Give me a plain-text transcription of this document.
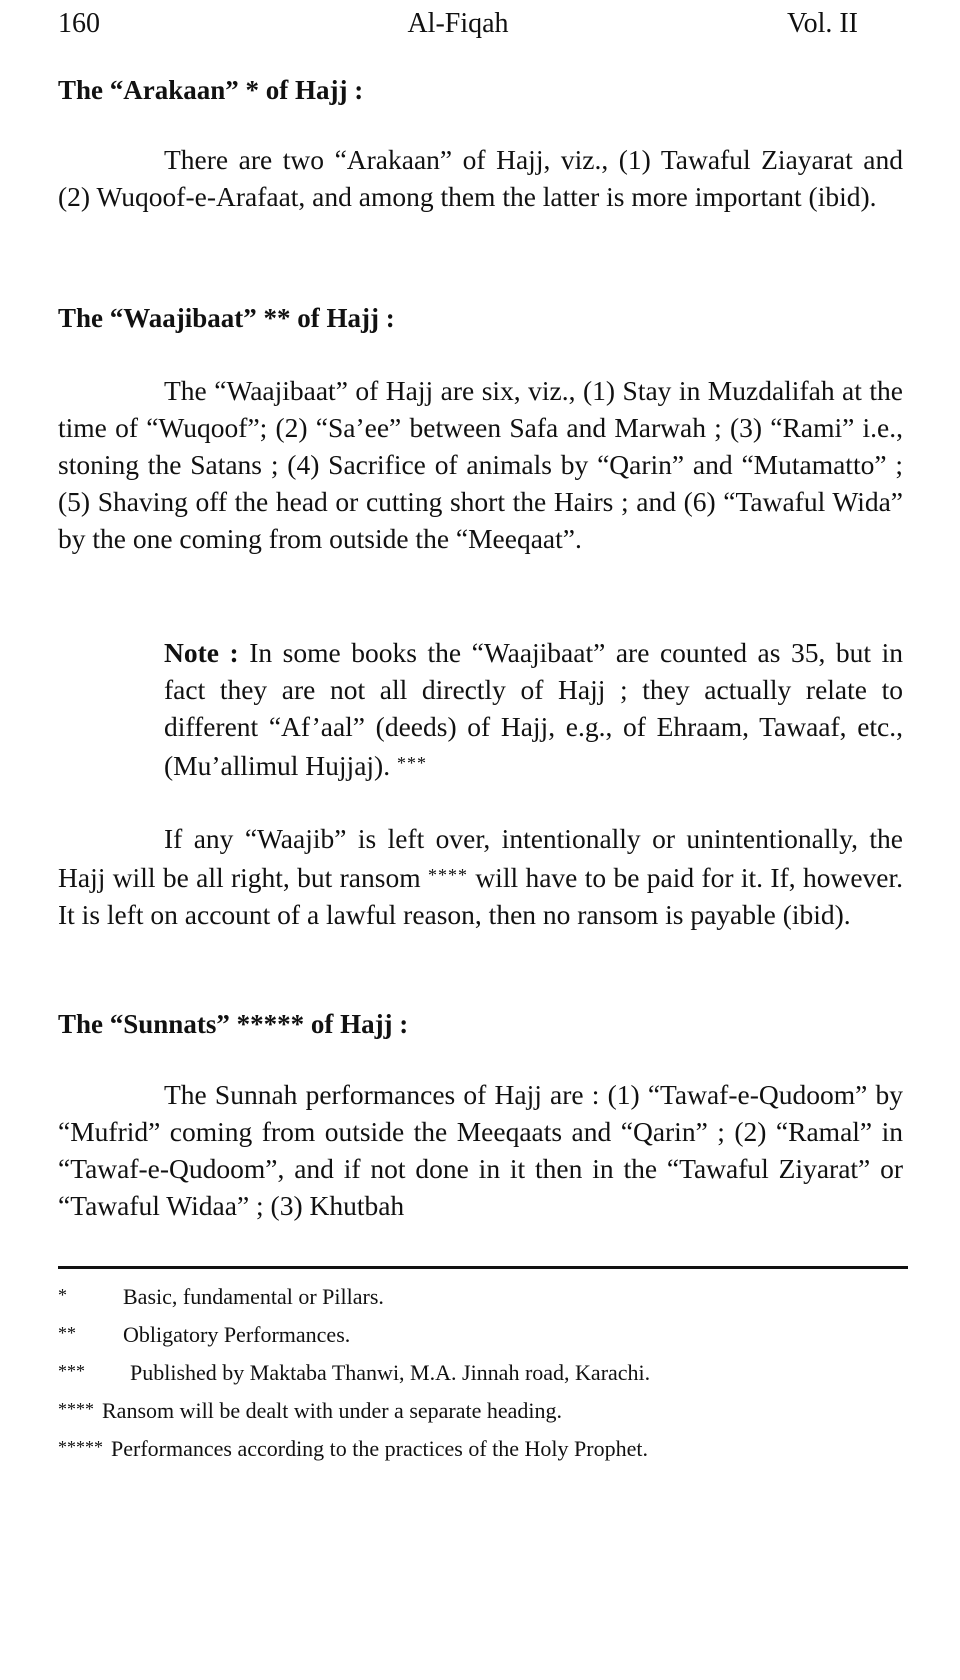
160	Al-Fiqah	Vol. II
The “Arakaan” * of Hajj :
There are two “Arakaan” of Hajj, viz., (1) Tawaful Ziayarat and (2) Wuqoof-e-Arafaat, and among them the latter is more important (ibid).
The “Waajibaat” ** of Hajj :
The “Waajibaat” of Hajj are six, viz., (1) Stay in Muzdalifah at the time of “Wuqoof”; (2) “Sa’ee” between Safa and Marwah ; (3) “Rami” i.e., stoning the Satans ; (4) Sacrifice of animals by “Qarin” and “Mutamatto” ; (5) Shaving off the head or cutting short the Hairs ; and (6) “Tawaful Wida” by the one coming from outside the “Meeqaat”.
Note : In some books the “Waajibaat” are counted as 35, but in fact they are not all directly of Hajj ; they actually relate to different “Af’aal” (deeds) of Hajj, e.g., of Ehraam, Tawaaf, etc., (Mu’allimul Hujjaj). ***
If any “Waajib” is left over, intentionally or unintentionally, the Hajj will be all right, but ransom **** will have to be paid for it. If, however. It is left on account of a lawful reason, then no ransom is payable (ibid).
The “Sunnats” ***** of Hajj :
The Sunnah performances of Hajj are : (1) “Tawaf-e-Qudoom” by “Mufrid” coming from outside the Meeqaats and “Qarin” ; (2) “Ramal” in “Tawaf-e-Qudoom”, and if not done in it then in the “Tawaful Ziyarat” or “Tawaful Widaa” ; (3) Khutbah
*	Basic, fundamental or Pillars.
** Obligatory Performances.
*** Published by Maktaba Thanwi, M.A. Jinnah road, Karachi.
**** Ransom will be dealt with under a separate heading.
***** Performances according to the practices of the Holy Prophet.
